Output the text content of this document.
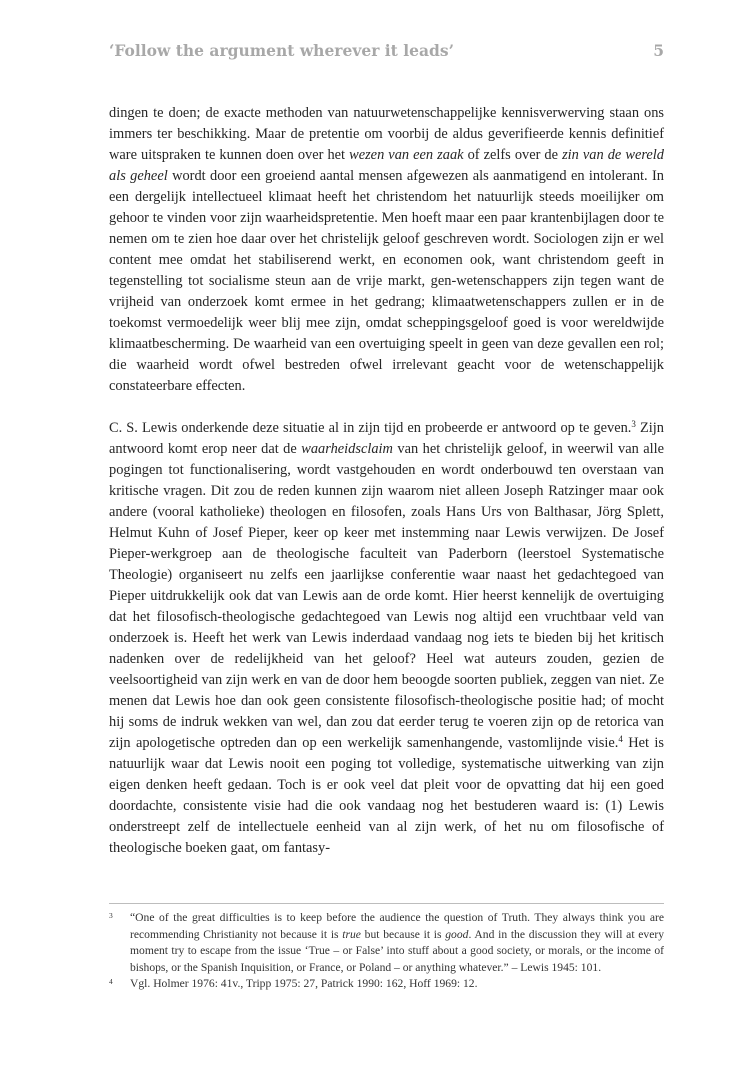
‘Follow the argument wherever it leads’	5

dingen te doen; de exacte methoden van natuurwetenschappelijke kennisverwerving staan ons immers ter beschikking. Maar de pretentie om voorbij de aldus geverifieerde kennis definitief ware uitspraken te kunnen doen over het wezen van een zaak of zelfs over de zin van de wereld als geheel wordt door een groeiend aantal mensen afgewezen als aanmatigend en intolerant. In een dergelijk intellectueel klimaat heeft het christendom het natuurlijk steeds moeilijker om gehoor te vinden voor zijn waarheidspretentie. Men hoeft maar een paar krantenbijlagen door te nemen om te zien hoe daar over het christelijk geloof geschreven wordt. Sociologen zijn er wel content mee omdat het stabiliserend werkt, en economen ook, want christendom geeft in tegenstelling tot socialisme steun aan de vrije markt, gen-wetenschappers zijn tegen want de vrijheid van onderzoek komt ermee in het gedrang; klimaatwetenschappers zullen er in de toekomst vermoedelijk weer blij mee zijn, omdat scheppingsgeloof goed is voor wereldwijde klimaatbescherming. De waarheid van een overtuiging speelt in geen van deze gevallen een rol; die waarheid wordt ofwel bestreden ofwel irrelevant geacht voor de wetenschappelijk constateerbare effecten.

C. S. Lewis onderkende deze situatie al in zijn tijd en probeerde er antwoord op te geven.$^3$ Zijn antwoord komt erop neer dat de waarheidsclaim van het christelijk geloof, in weerwil van alle pogingen tot functionalisering, wordt vastgehouden en wordt onderbouwd ten overstaan van kritische vragen. Dit zou de reden kunnen zijn waarom niet alleen Joseph Ratzinger maar ook andere (vooral katholieke) theologen en filosofen, zoals Hans Urs von Balthasar, Jörg Splett, Helmut Kuhn of Josef Pieper, keer op keer met instemming naar Lewis verwijzen. De Josef Pieper-werkgroep aan de theologische faculteit van Paderborn (leerstoel Systematische Theologie) organiseert nu zelfs een jaarlijkse conferentie waar naast het gedachtegoed van Pieper uitdrukkelijk ook dat van Lewis aan de orde komt. Hier heerst kennelijk de overtuiging dat het filosofisch-theologische gedachtegoed van Lewis nog altijd een vruchtbaar veld van onderzoek is. Heeft het werk van Lewis inderdaad vandaag nog iets te bieden bij het kritisch nadenken over de redelijkheid van het geloof? Heel wat auteurs zouden, gezien de veelsoortigheid van zijn werk en van de door hem beoogde soorten publiek, zeggen van niet. Ze menen dat Lewis hoe dan ook geen consistente filosofisch-theologische positie had; of mocht hij soms de indruk wekken van wel, dan zou dat eerder terug te voeren zijn op de retorica van zijn apologetische optreden dan op een werkelijk samenhangende, vastomlijnde visie.$^4$ Het is natuurlijk waar dat Lewis nooit een poging tot volledige, systematische uitwerking van zijn eigen denken heeft gedaan. Toch is er ook veel dat pleit voor de opvatting dat hij een goed doordachte, consistente visie had die ook vandaag nog het bestuderen waard is: (1) Lewis onderstreept zelf de intellectuele eenheid van al zijn werk, of het nu om filosofische of theologische boeken gaat, om fantasy-

3	“One of the great difficulties is to keep before the audience the question of Truth. They always think you are recommending Christianity not because it is true but because it is good. And in the discussion they will at every moment try to escape from the issue ‘True – or False’ into stuff about a good society, or morals, or the income of bishops, or the Spanish Inquisition, or France, or Poland – or anything whatever.” – Lewis 1945: 101.
4	Vgl. Holmer 1976: 41v., Tripp 1975: 27, Patrick 1990: 162, Hoff 1969: 12.
